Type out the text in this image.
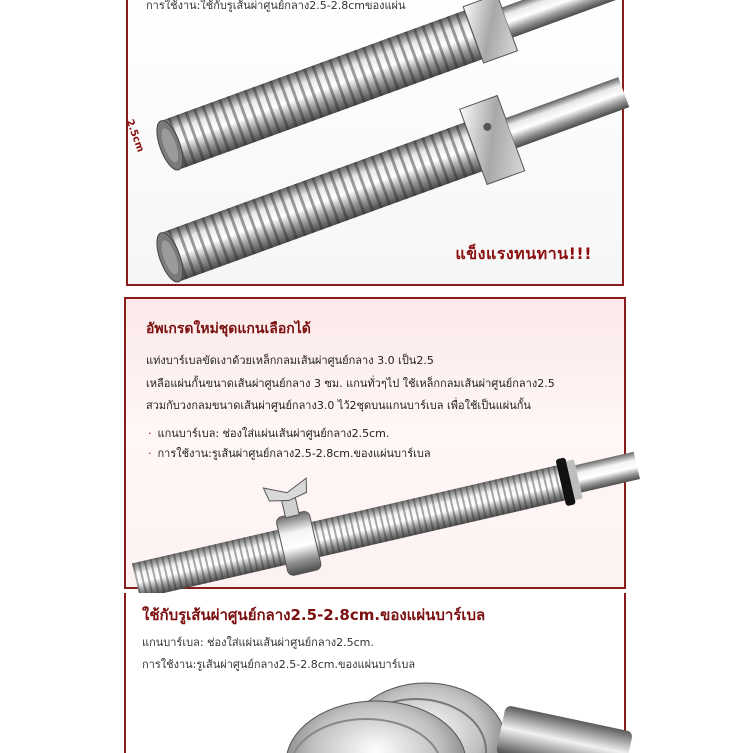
การใช้งาน:ใช้กับรูเส้นผ่าศูนย์กลาง2.5-2.8cmของแผ่น
2.5cm
แข็งแรงทนทาน!!!
อัพเกรดใหม่ชุดแกนเลือกได้
แท่งบาร์เบลขัดเงาด้วยเหล็กกลมเส้นผ่าศูนย์กลาง 3.0 เป็น2.5
เหลือแผ่นกั้นขนาดเส้นผ่าศูนย์กลาง 3 ซม. แกนทั่วๆไป ใช้เหล็กกลมเส้นผ่าศูนย์กลาง2.5
สวมกับวงกลมขนาดเส้นผ่าศูนย์กลาง3.0 ไว้2ชุดบนแกนบาร์เบล เพื่อใช้เป็นแผ่นกั้น
· แกนบาร์เบล: ช่องใส่แผ่นเส้นผ่าศูนย์กลาง2.5cm.
· การใช้งาน:รูเส้นผ่าศูนย์กลาง2.5-2.8cm.ของแผ่นบาร์เบล
ใช้กับรูเส้นผ่าศูนย์กลาง2.5-2.8cm.ของแผ่นบาร์เบล
แกนบาร์เบล: ช่องใส่แผ่นเส้นผ่าศูนย์กลาง2.5cm.
การใช้งาน:รูเส้นผ่าศูนย์กลาง2.5-2.8cm.ของแผ่นบาร์เบล
